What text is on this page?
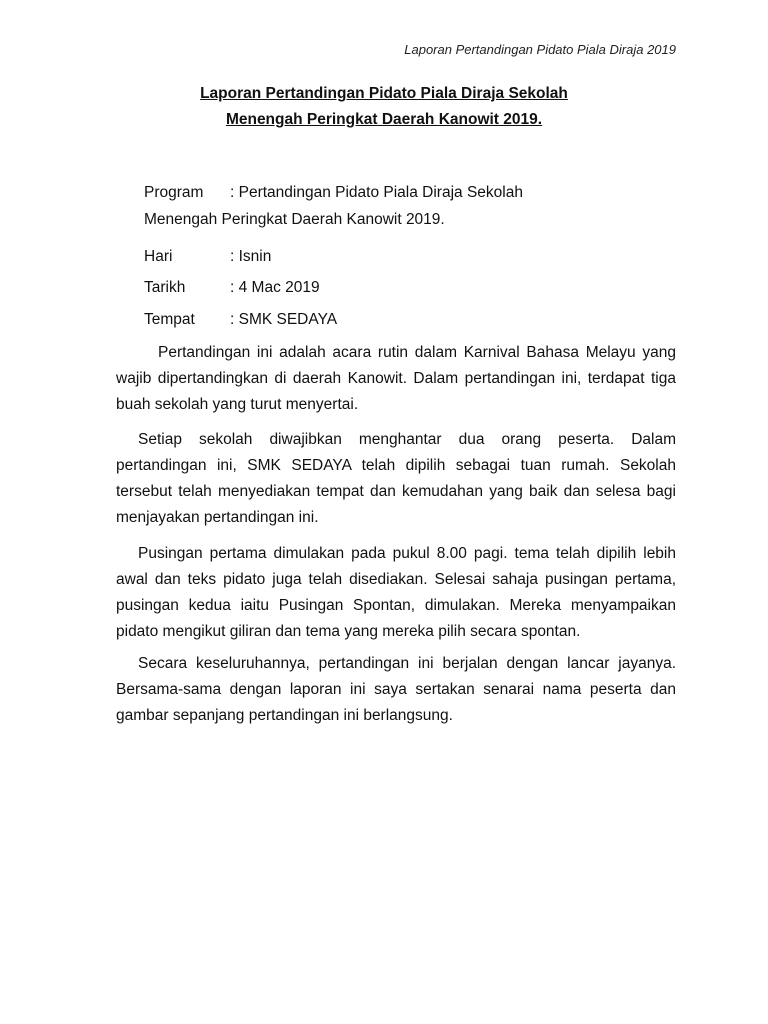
Laporan Pertandingan Pidato Piala Diraja 2019
Laporan Pertandingan Pidato Piala Diraja Sekolah
Menengah Peringkat Daerah Kanowit 2019.
Program : Pertandingan Pidato Piala Diraja Sekolah
Menengah Peringkat Daerah Kanowit 2019.
Hari	: Isnin
Tarikh	: 4 Mac 2019
Tempat : SMK SEDAYA

Pertandingan ini adalah acara rutin dalam Karnival Bahasa Melayu yang wajib dipertandingkan di daerah Kanowit. Dalam pertandingan ini, terdapat tiga buah sekolah yang turut menyertai.

Setiap sekolah diwajibkan menghantar dua orang peserta. Dalam pertandingan ini, SMK SEDAYA telah dipilih sebagai tuan rumah. Sekolah tersebut telah menyediakan tempat dan kemudahan yang baik dan selesa bagi menjayakan pertandingan ini.

Pusingan pertama dimulakan pada pukul 8.00 pagi. tema telah dipilih lebih awal dan teks pidato juga telah disediakan. Selesai sahaja pusingan pertama, pusingan kedua iaitu Pusingan Spontan, dimulakan. Mereka menyampaikan pidato mengikut giliran dan tema yang mereka pilih secara spontan.

Secara keseluruhannya, pertandingan ini berjalan dengan lancar jayanya. Bersama-sama dengan laporan ini saya sertakan senarai nama peserta dan gambar sepanjang pertandingan ini berlangsung.
